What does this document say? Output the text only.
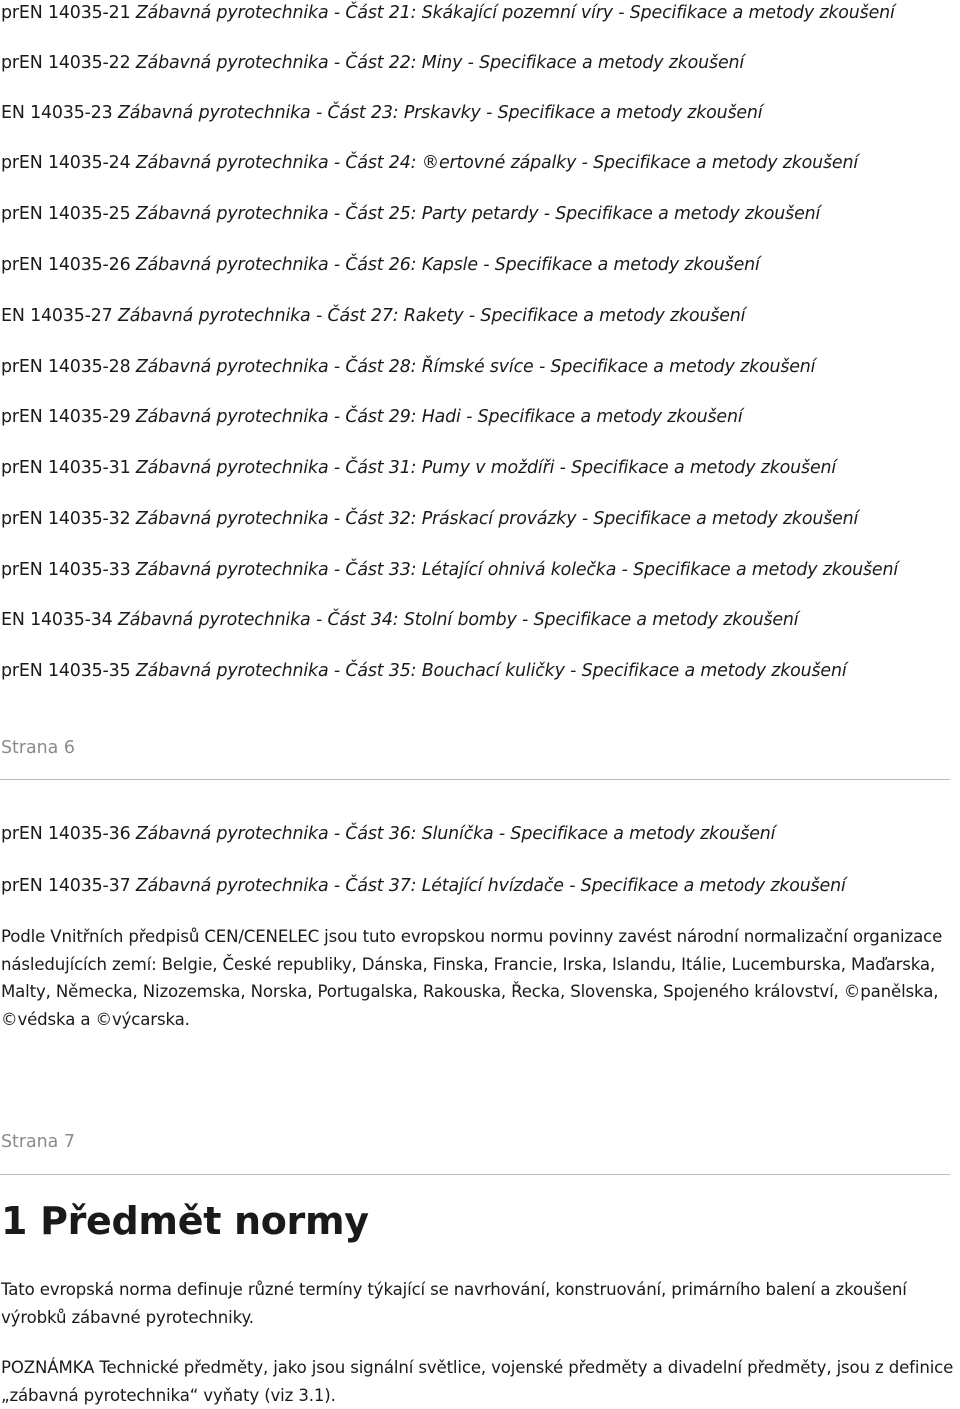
prEN 14035-21 Zábavná pyrotechnika - Část 21: Skákající pozemní víry - Specifikace a metody zkoušení
prEN 14035-22 Zábavná pyrotechnika - Část 22: Miny - Specifikace a metody zkoušení
EN 14035-23 Zábavná pyrotechnika - Část 23: Prskavky - Specifikace a metody zkoušení
prEN 14035-24 Zábavná pyrotechnika - Část 24: ®ertovné zápalky - Specifikace a metody zkoušení
prEN 14035-25 Zábavná pyrotechnika - Část 25: Party petardy - Specifikace a metody zkoušení
prEN 14035-26 Zábavná pyrotechnika - Část 26: Kapsle - Specifikace a metody zkoušení
EN 14035-27 Zábavná pyrotechnika - Část 27: Rakety - Specifikace a metody zkoušení
prEN 14035-28 Zábavná pyrotechnika - Část 28: Římské svíce - Specifikace a metody zkoušení
prEN 14035-29 Zábavná pyrotechnika - Část 29: Hadi - Specifikace a metody zkoušení
prEN 14035-31 Zábavná pyrotechnika - Část 31: Pumy v moždíři - Specifikace a metody zkoušení
prEN 14035-32 Zábavná pyrotechnika - Část 32: Práskací provázky - Specifikace a metody zkoušení
prEN 14035-33 Zábavná pyrotechnika - Část 33: Létající ohnivá kolečka - Specifikace a metody zkoušení
EN 14035-34 Zábavná pyrotechnika - Část 34: Stolní bomby - Specifikace a metody zkoušení
prEN 14035-35 Zábavná pyrotechnika - Část 35: Bouchací kuličky - Specifikace a metody zkoušení
Strana 6
prEN 14035-36 Zábavná pyrotechnika - Část 36: Sluníčka - Specifikace a metody zkoušení
prEN 14035-37 Zábavná pyrotechnika - Část 37: Létající hvízdače - Specifikace a metody zkoušení
Podle Vnitřních předpisů CEN/CENELEC jsou tuto evropskou normu povinny zavést národní normalizační organizace následujících zemí: Belgie, České republiky, Dánska, Finska, Francie, Irska, Islandu, Itálie, Lucemburska, Maďarska, Malty, Německa, Nizozemska, Norska, Portugalska, Rakouska, Řecka, Slovenska, Spojeného království, ©panělska, ©védska a ©výcarska.
Strana 7
1 Předmět normy
Tato evropská norma definuje různé termíny týkající se navrhování, konstruování, primárního balení a zkoušení výrobků zábavné pyrotechniky.
POZNÁMKA Technické předměty, jako jsou signální světlice, vojenské předměty a divadelní předměty, jsou z definice „zábavná pyrotechnika“ vyňaty (viz 3.1).
